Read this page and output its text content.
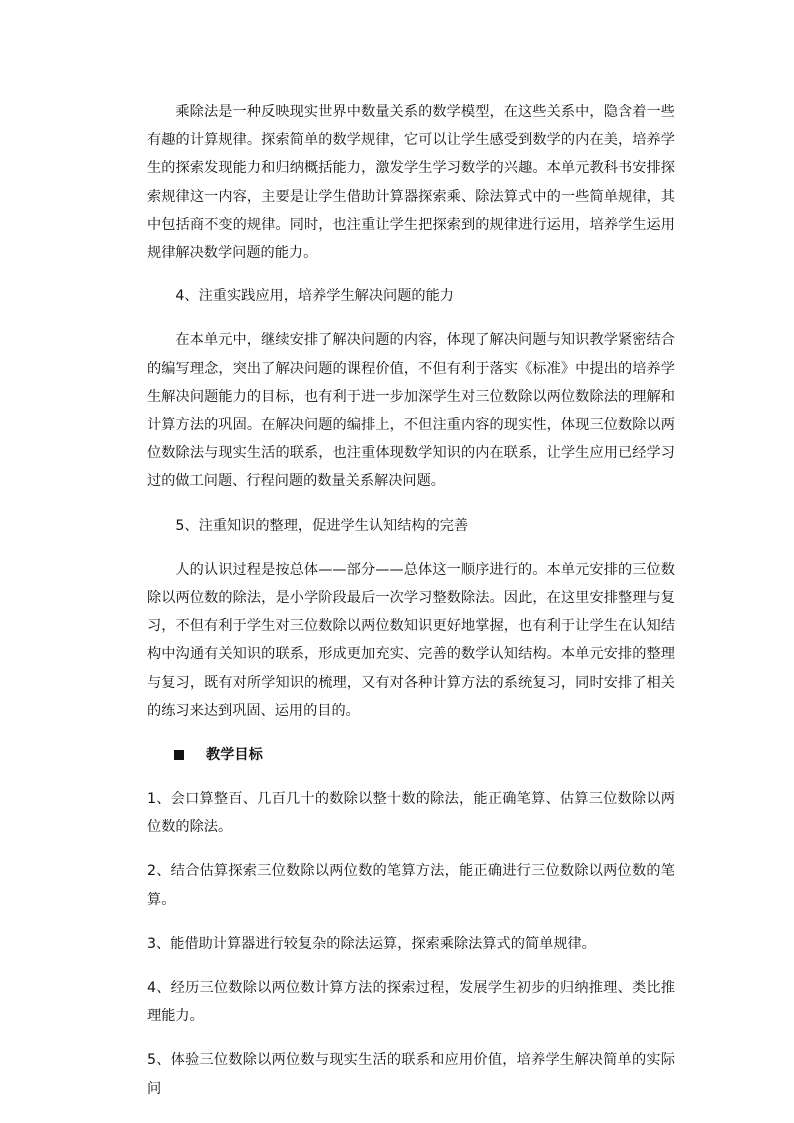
乘除法是一种反映现实世界中数量关系的数学模型，在这些关系中，隐含着一些有趣的计算规律。探索简单的数学规律，它可以让学生感受到数学的内在美，培养学生的探索发现能力和归纳概括能力，激发学生学习数学的兴趣。本单元教科书安排探索规律这一内容，主要是让学生借助计算器探索乘、除法算式中的一些简单规律，其中包括商不变的规律。同时，也注重让学生把探索到的规律进行运用，培养学生运用规律解决数学问题的能力。

4、注重实践应用，培养学生解决问题的能力

在本单元中，继续安排了解决问题的内容，体现了解决问题与知识教学紧密结合的编写理念，突出了解决问题的课程价值，不但有利于落实《标准》中提出的培养学生解决问题能力的目标，也有利于进一步加深学生对三位数除以两位数除法的理解和计算方法的巩固。在解决问题的编排上，不但注重内容的现实性，体现三位数除以两位数除法与现实生活的联系，也注重体现数学知识的内在联系，让学生应用已经学习过的做工问题、行程问题的数量关系解决问题。

5、注重知识的整理，促进学生认知结构的完善

人的认识过程是按总体——部分——总体这一顺序进行的。本单元安排的三位数除以两位数的除法，是小学阶段最后一次学习整数除法。因此，在这里安排整理与复习，不但有利于学生对三位数除以两位数知识更好地掌握，也有利于让学生在认知结构中沟通有关知识的联系，形成更加充实、完善的数学认知结构。本单元安排的整理与复习，既有对所学知识的梳理，又有对各种计算方法的系统复习，同时安排了相关的练习来达到巩固、运用的目的。

教学目标

1、会口算整百、几百几十的数除以整十数的除法，能正确笔算、估算三位数除以两位数的除法。

2、结合估算探索三位数除以两位数的笔算方法，能正确进行三位数除以两位数的笔算。

3、能借助计算器进行较复杂的除法运算，探索乘除法算式的简单规律。

4、经历三位数除以两位数计算方法的探索过程，发展学生初步的归纳推理、类比推理能力。

5、体验三位数除以两位数与现实生活的联系和应用价值，培养学生解决简单的实际问
